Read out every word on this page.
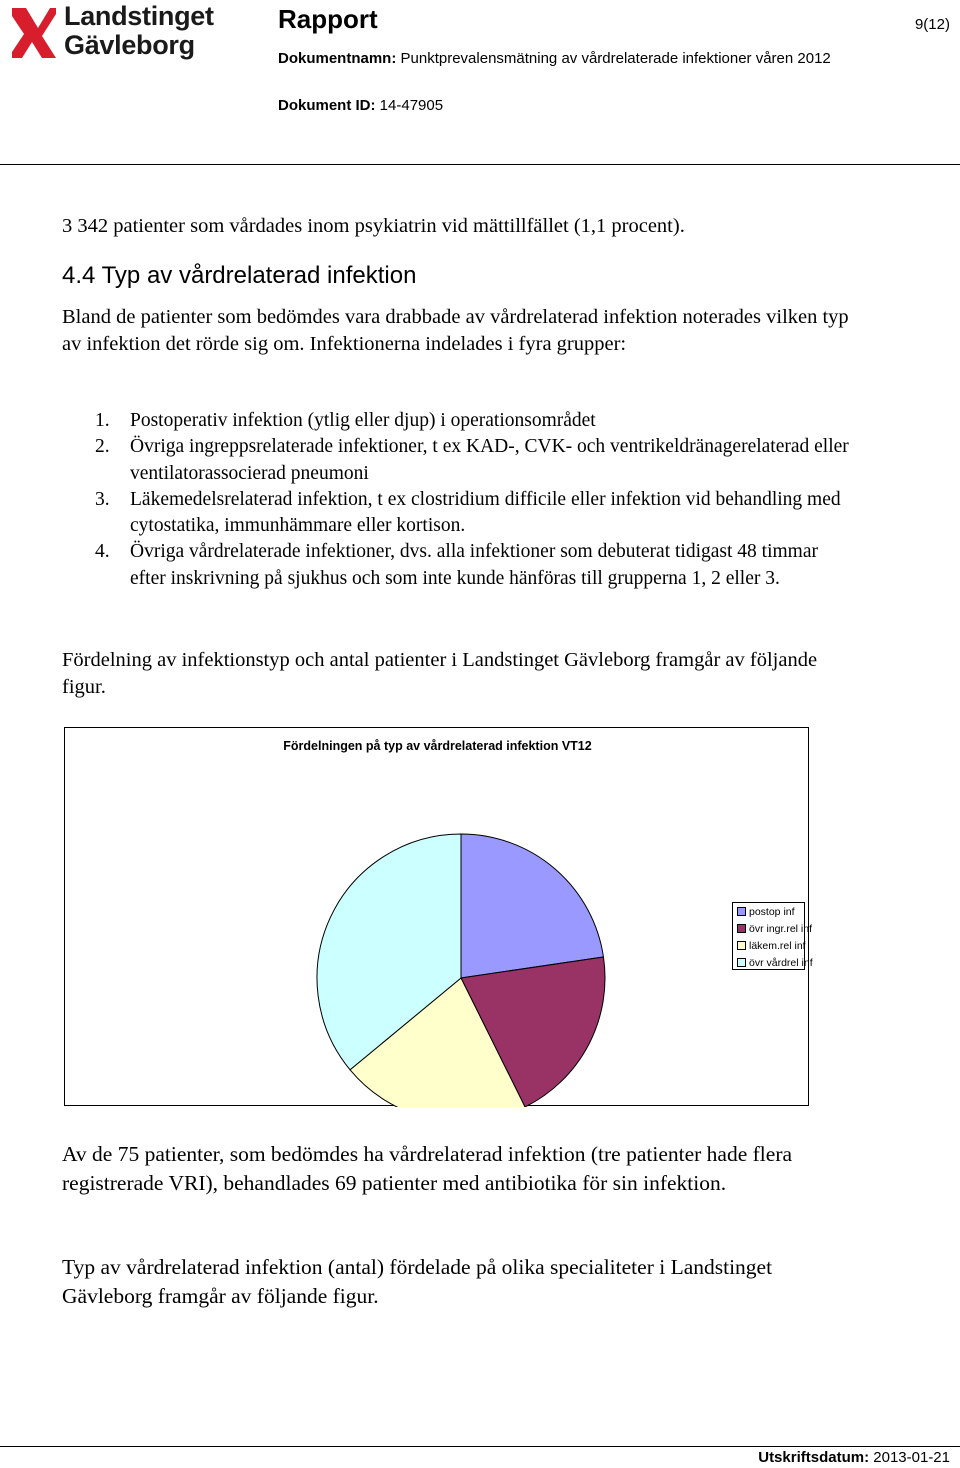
Landstinget
Gävleborg
Rapport	9(12)
Dokumentnamn: Punktprevalensmätning av vårdrelaterade infektioner våren 2012
Dokument ID: 14-47905
3 342 patienter som vårdades inom psykiatrin vid mättillfället (1,1 procent).
4.4 Typ av vårdrelaterad infektion
Bland de patienter som bedömdes vara drabbade av vårdrelaterad infektion noterades vilken typ av infektion det rörde sig om. Infektionerna indelades i fyra grupper:
1. Postoperativ infektion (ytlig eller djup) i operationsområdet
2. Övriga ingreppsrelaterade infektioner, t ex KAD-, CVK- och ventrikeldränagerelaterad eller ventilatorassocierad pneumoni
3. Läkemedelsrelaterad infektion, t ex clostridium difficile eller infektion vid behandling med cytostatika, immunhämmare eller kortison.
4. Övriga vårdrelaterade infektioner, dvs. alla infektioner som debuterat tidigast 48 timmar efter inskrivning på sjukhus och som inte kunde hänföras till grupperna 1, 2 eller 3.
Fördelning av infektionstyp och antal patienter i Landstinget Gävleborg framgår av följande figur.
Fördelningen på typ av vårdrelaterad infektion VT12
postop inf
övr ingr.rel inf
läkem.rel inf
övr vårdrel inf
Av de 75 patienter, som bedömdes ha vårdrelaterad infektion (tre patienter hade flera registrerade VRI), behandlades 69 patienter med antibiotika för sin infektion.
Typ av vårdrelaterad infektion (antal) fördelade på olika specialiteter i Landstinget Gävleborg framgår av följande figur.
Utskriftsdatum: 2013-01-21
